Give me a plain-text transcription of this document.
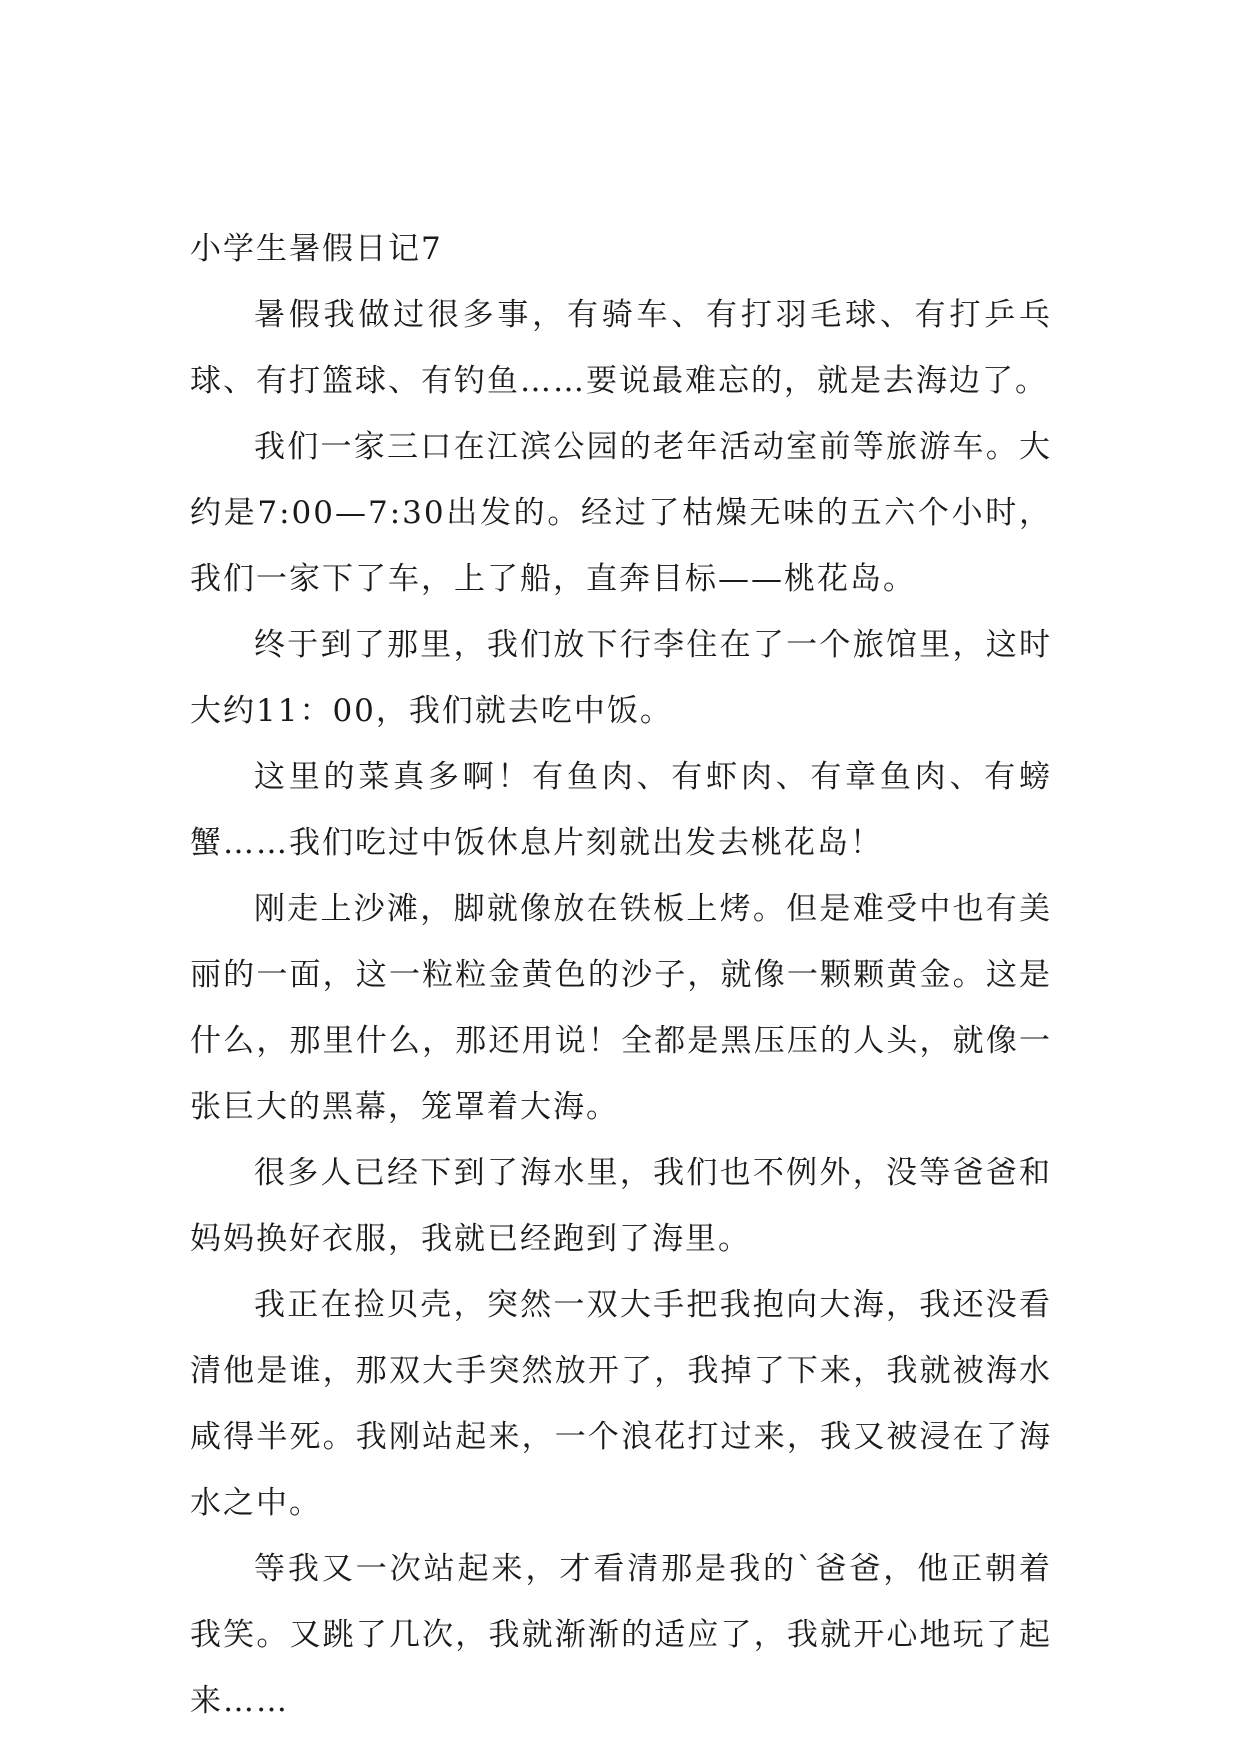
小学生暑假日记7

暑假我做过很多事，有骑车、有打羽毛球、有打乒乓球、有打篮球、有钓鱼……要说最难忘的，就是去海边了。

我们一家三口在江滨公园的老年活动室前等旅游车。大约是7:00—7:30出发的。经过了枯燥无味的五六个小时，我们一家下了车，上了船，直奔目标——桃花岛。

终于到了那里，我们放下行李住在了一个旅馆里，这时大约11：00，我们就去吃中饭。

这里的菜真多啊！有鱼肉、有虾肉、有章鱼肉、有螃蟹……我们吃过中饭休息片刻就出发去桃花岛！

刚走上沙滩，脚就像放在铁板上烤。但是难受中也有美丽的一面，这一粒粒金黄色的沙子，就像一颗颗黄金。这是什么，那里什么，那还用说！全都是黑压压的人头，就像一张巨大的黑幕，笼罩着大海。

很多人已经下到了海水里，我们也不例外，没等爸爸和妈妈换好衣服，我就已经跑到了海里。

我正在捡贝壳，突然一双大手把我抱向大海，我还没看清他是谁，那双大手突然放开了，我掉了下来，我就被海水咸得半死。我刚站起来，一个浪花打过来，我又被浸在了海水之中。

等我又一次站起来，才看清那是我的`爸爸，他正朝着我笑。又跳了几次，我就渐渐的适应了，我就开心地玩了起来……
